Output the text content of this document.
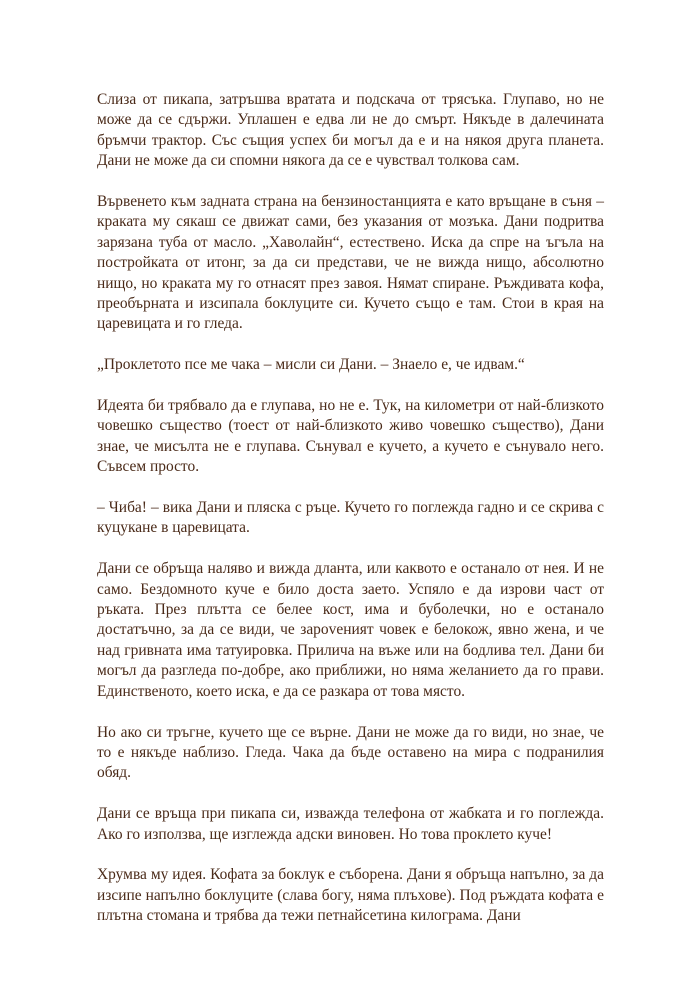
Слиза от пикапа, затръшва вратата и подскача от трясъка. Глупаво, но не може да се сдържи. Уплашен е едва ли не до смърт. Някъде в далечината бръмчи трактор. Със същия успех би могъл да е и на някоя друга планета. Дани не може да си спомни някога да се е чувствал толкова сам.

Вървенето към задната страна на бензиностанцията е като връщане в съня – краката му сякаш се движат сами, без указания от мозъка. Дани подритва зарязана туба от масло. „Хаволайн“, естествено. Иска да спре на ъгъла на постройката от итонг, за да си представи, че не вижда нищо, абсолютно нищо, но краката му го отнасят през завоя. Нямат спиране. Ръждивата кофа, преобърната и изсипала боклуците си. Кучето също е там. Стои в края на царевицата и го гледа.

„Проклетото псе ме чака – мисли си Дани. – Знаело е, че идвам.“

Идеята би трябвало да е глупава, но не е. Тук, на километри от най-близкото човешко същество (тоест от най-близкото живо човешко същество), Дани знае, че мисълта не е глупава. Сънувал е кучето, а кучето е сънувало него. Съвсем просто.

– Чиба! – вика Дани и пляска с ръце. Кучето го поглежда гадно и се скрива с куцукане в царевицата.

Дани се обръща наляво и вижда дланта, или каквото е останало от нея. И не само. Бездомното куче е било доста заето. Успяло е да изрови част от ръката. През плътта се белее кост, има и буболечки, но е останало достатъчно, за да се види, че зарovеният човек е белокож, явно жена, и че над гривната има татуировка. Прилича на въже или на бодлива тел. Дани би могъл да разгледа по-добре, ако приближи, но няма желанието да го прави. Единственото, което иска, е да се разкара от това място.

Но ако си тръгне, кучето ще се върне. Дани не може да го види, но знае, че то е някъде наблизо. Гледа. Чака да бъде оставено на мира с подранилия обяд.

Дани се връща при пикапа си, изважда телефона от жабката и го поглежда. Ако го използва, ще изглежда адски виновен. Но това проклето куче!

Хрумва му идея. Кофата за боклук е съборена. Дани я обръща напълно, за да изсипе напълно боклуците (слава богу, няма плъхове). Под ръждата кофата е плътна стомана и трябва да тежи петнайсетина килограма. Дани
